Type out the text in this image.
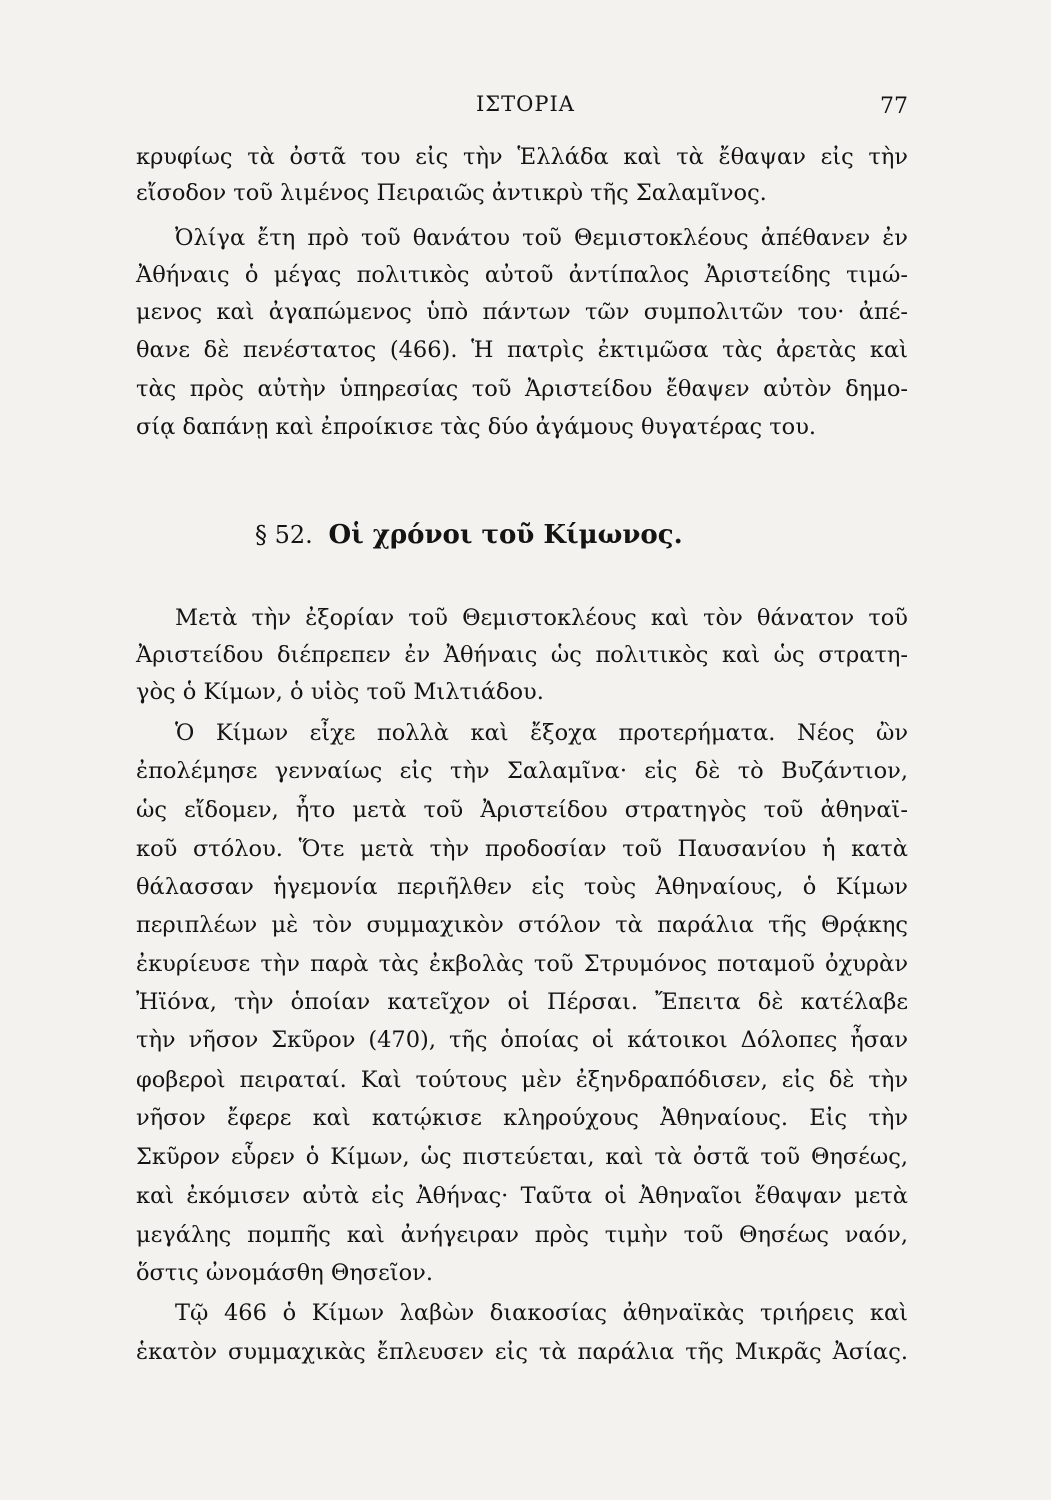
ΙΣΤΟΡΙΑ	77
κρυφίως τὰ ὀστᾶ του εἰς τὴν Ἑλλάδα καὶ τὰ ἔθαψαν εἰς τὴν
εἴσοδον τοῦ λιμένος Πειραιῶς ἀντικρὺ τῆς Σαλαμῖνος.
Ὀλίγα ἔτη πρὸ τοῦ θανάτου τοῦ Θεμιστοκλέους ἀπέθανεν ἐν
Ἀθήναις ὁ μέγας πολιτικὸς αὐτοῦ ἀντίπαλος Ἀριστείδης τιμώ-
μενος καὶ ἀγαπώμενος ὑπὸ πάντων τῶν συμπολιτῶν του· ἀπέ-
θανε δὲ πενέστατος (466). Ἡ πατρὶς ἐκτιμῶσα τὰς ἀρετὰς καὶ
τὰς πρὸς αὐτὴν ὑπηρεσίας τοῦ Ἀριστείδου ἔθαψεν αὐτὸν δημο-
σίᾳ δαπάνῃ καὶ ἐπροίκισε τὰς δύο ἀγάμους θυγατέρας του.
§ 52. Οἱ χρόνοι τοῦ Κίμωνος.
Μετὰ τὴν ἐξορίαν τοῦ Θεμιστοκλέους καὶ τὸν θάνατον τοῦ
Ἀριστείδου διέπρεπεν ἐν Ἀθήναις ὡς πολιτικὸς καὶ ὡς στρατη-
γὸς ὁ Κίμων, ὁ υἱὸς τοῦ Μιλτιάδου.
Ὁ Κίμων εἶχε πολλὰ καὶ ἔξοχα προτερήματα. Νέος ὢν
ἐπολέμησε γενναίως εἰς τὴν Σαλαμῖνα· εἰς δὲ τὸ Βυζάντιον,
ὡς εἴδομεν, ἦτο μετὰ τοῦ Ἀριστείδου στρατηγὸς τοῦ ἀθηναϊ-
κοῦ στόλου. Ὅτε μετὰ τὴν προδοσίαν τοῦ Παυσανίου ἡ κατὰ
θάλασσαν ἡγεμονία περιῆλθεν εἰς τοὺς Ἀθηναίους, ὁ Κίμων
περιπλέων μὲ τὸν συμμαχικὸν στόλον τὰ παράλια τῆς Θρᾴκης
ἐκυρίευσε τὴν παρὰ τὰς ἐκβολὰς τοῦ Στρυμόνος ποταμοῦ ὀχυρὰν
Ἠϊόνα, τὴν ὁποίαν κατεῖχον οἱ Πέρσαι. Ἔπειτα δὲ κατέλαβε
τὴν νῆσον Σκῦρον (470), τῆς ὁποίας οἱ κάτοικοι Δόλοπες ἦσαν
φοβεροὶ πειραταί. Καὶ τούτους μὲν ἐξηνδραπόδισεν, εἰς δὲ τὴν
νῆσον ἔφερε καὶ κατῴκισε κληρούχους Ἀθηναίους. Εἰς τὴν
Σκῦρον εὗρεν ὁ Κίμων, ὡς πιστεύεται, καὶ τὰ ὀστᾶ τοῦ Θησέως,
καὶ ἐκόμισεν αὐτὰ εἰς Ἀθήνας· Ταῦτα οἱ Ἀθηναῖοι ἔθαψαν μετὰ
μεγάλης πομπῆς καὶ ἀνήγειραν πρὸς τιμὴν τοῦ Θησέως ναόν,
ὅστις ὠνομάσθη Θησεῖον.
Τῷ 466 ὁ Κίμων λαβὼν διακοσίας ἀθηναϊκὰς τριήρεις καὶ
ἑκατὸν συμμαχικὰς ἔπλευσεν εἰς τὰ παράλια τῆς Μικρᾶς Ἀσίας.
